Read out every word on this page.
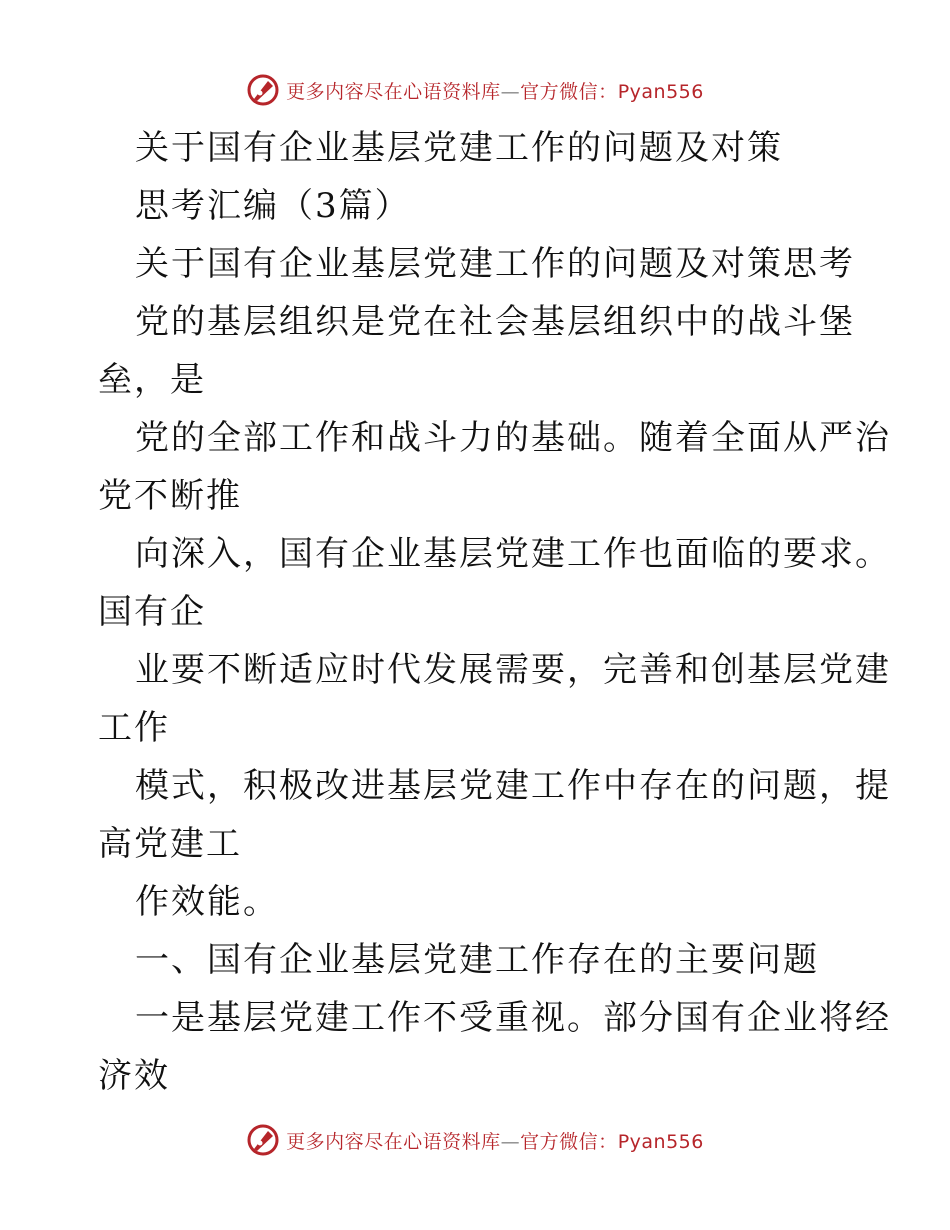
更多内容尽在心语资料库—官方微信：Pyan556
关于国有企业基层党建工作的问题及对策
思考汇编（3篇）
关于国有企业基层党建工作的问题及对策思考
党的基层组织是党在社会基层组织中的战斗堡
垒，是
党的全部工作和战斗力的基础。随着全面从严治
党不断推
向深入，国有企业基层党建工作也面临的要求。
国有企
业要不断适应时代发展需要，完善和创基层党建
工作
模式，积极改进基层党建工作中存在的问题，提
高党建工
作效能。
一、国有企业基层党建工作存在的主要问题
一是基层党建工作不受重视。部分国有企业将经
济效
更多内容尽在心语资料库—官方微信：Pyan556
